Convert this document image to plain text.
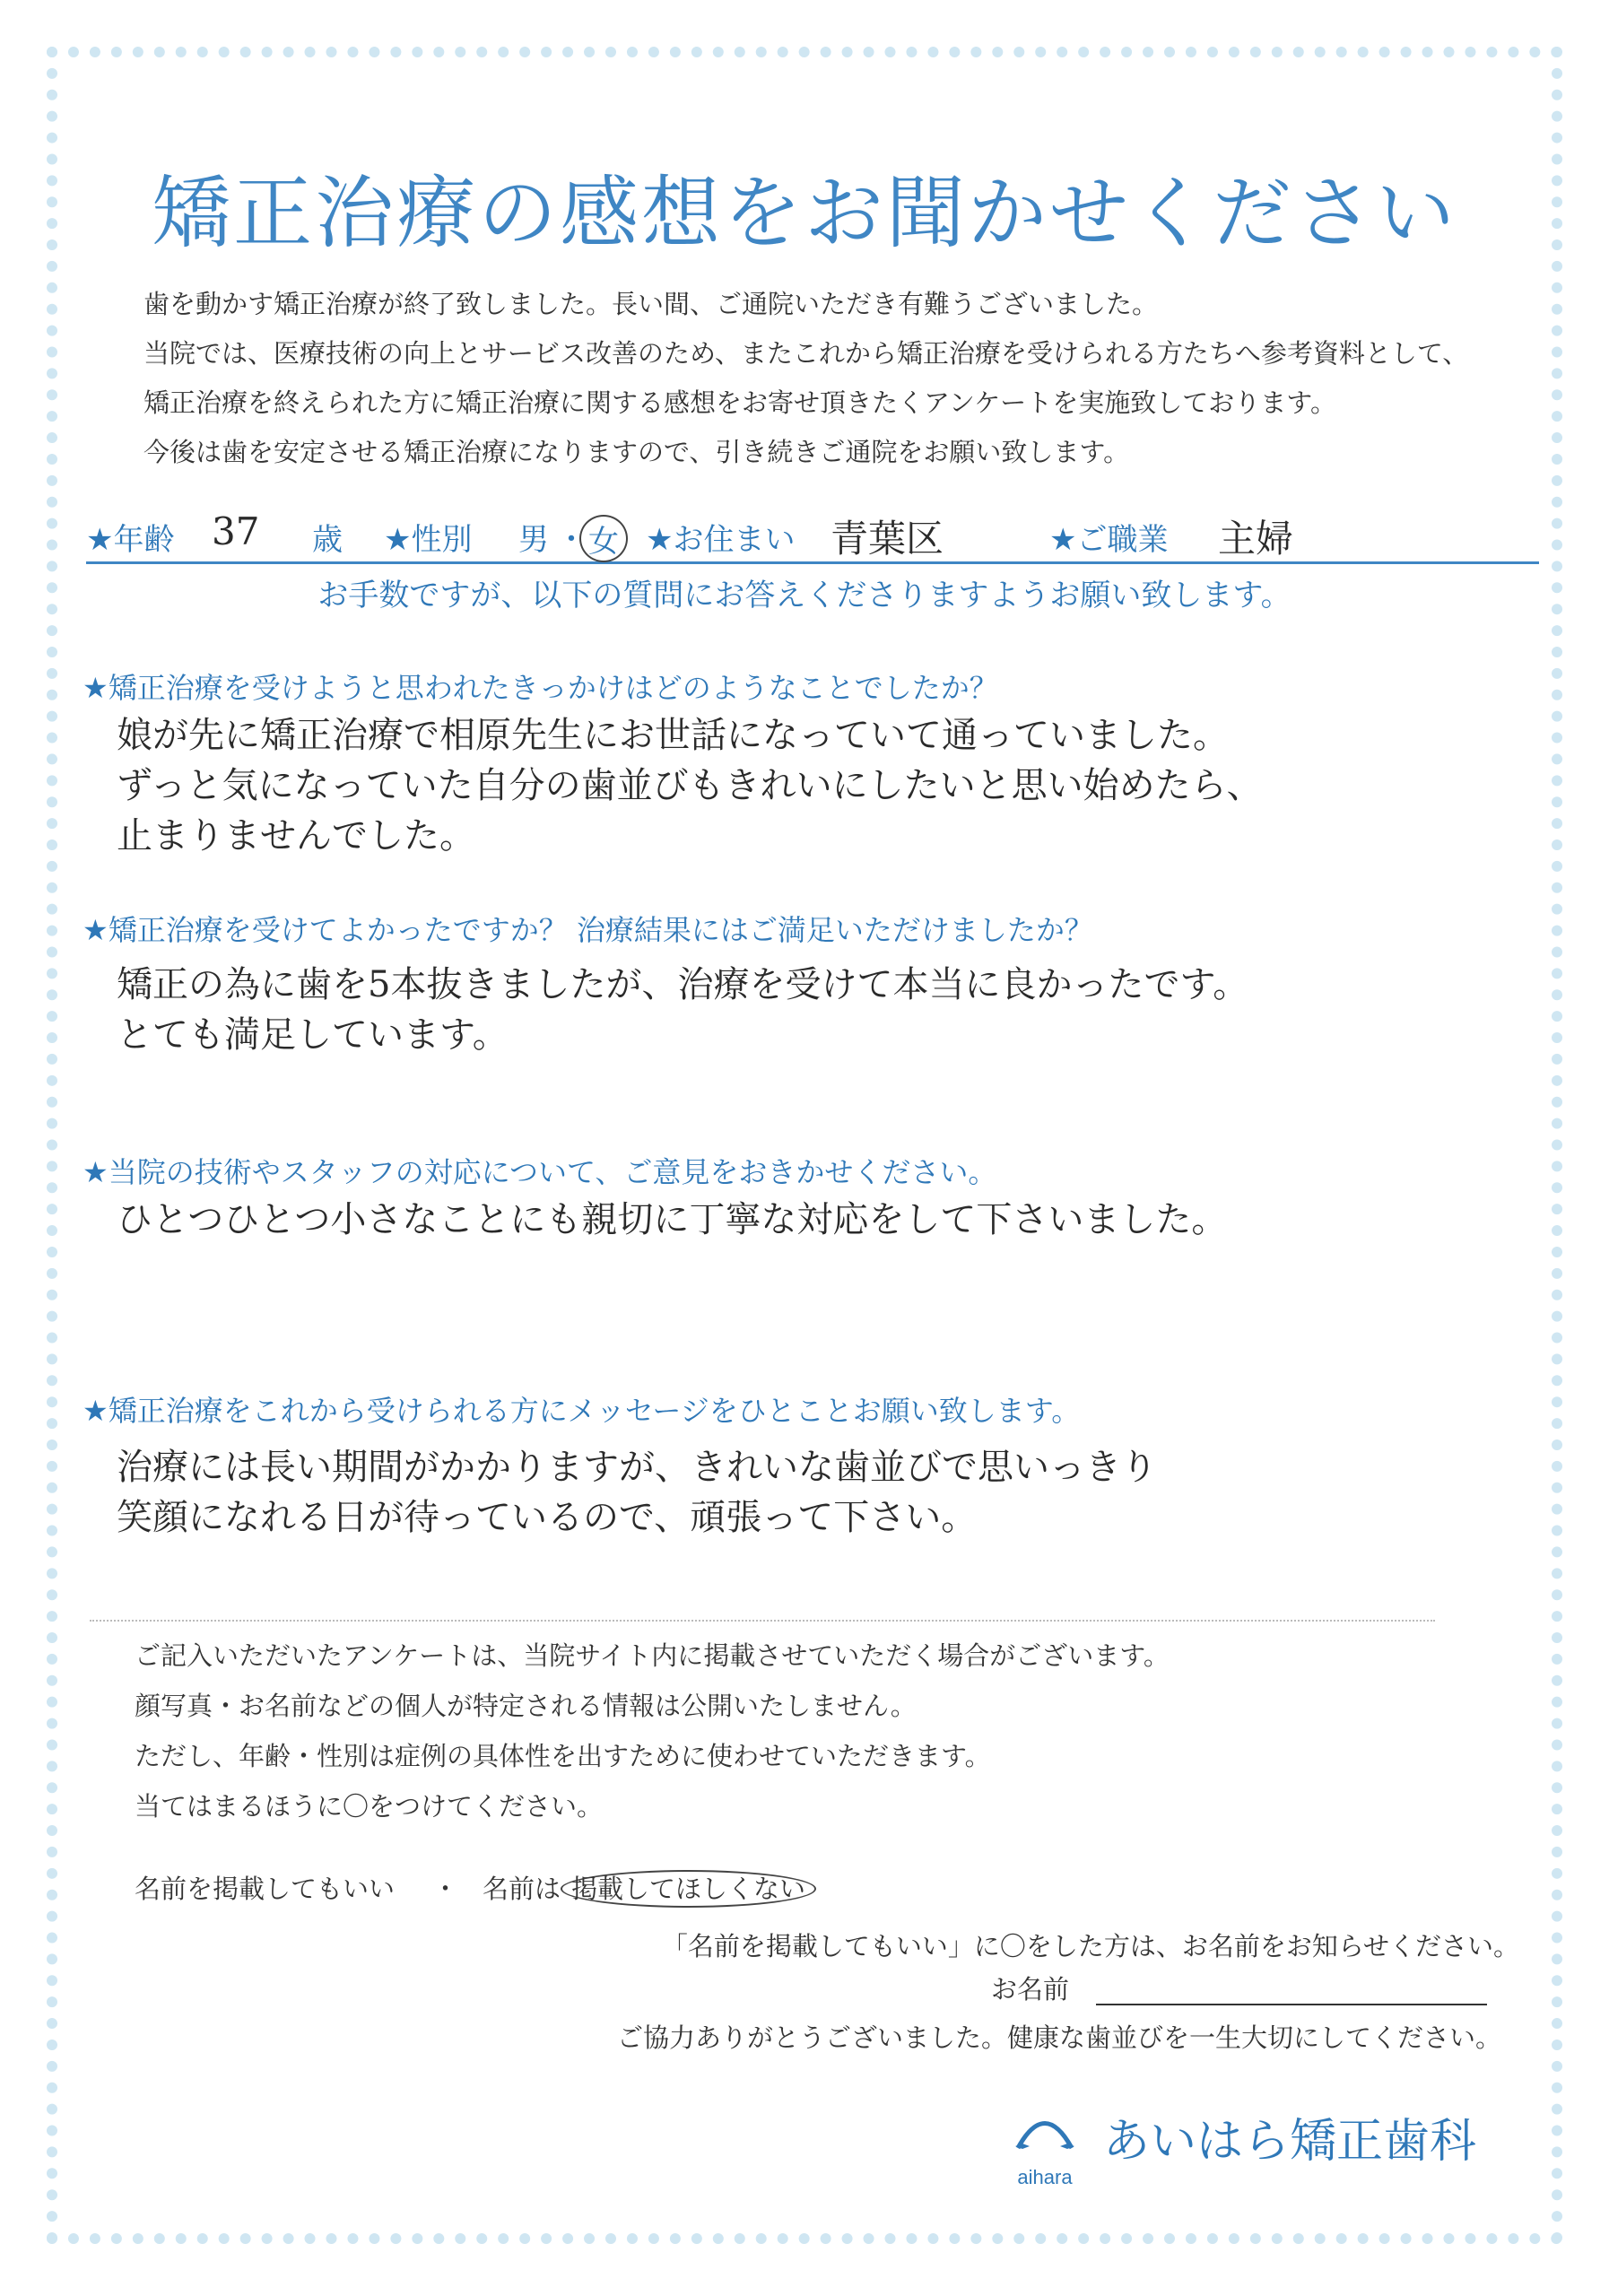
矯正治療の感想をお聞かせください
歯を動かす矯正治療が終了致しました。長い間、ご通院いただき有難うございました。
当院では、医療技術の向上とサービス改善のため、またこれから矯正治療を受けられる方たちへ参考資料として、
矯正治療を終えられた方に矯正治療に関する感想をお寄せ頂きたくアンケートを実施致しております。
今後は歯を安定させる矯正治療になりますので、引き続きご通院をお願い致します。
★年齢 37 歳 ★性別 男 ・ 女 ★お住まい 青葉区	★ご職業 主婦
お手数ですが、以下の質問にお答えくださりますようお願い致します。
★矯正治療を受けようと思われたきっかけはどのようなことでしたか？
娘が先に矯正治療で相原先生にお世話になっていて通っていました。
ずっと気になっていた自分の歯並びもきれいにしたいと思い始めたら、
止まりませんでした。
★矯正治療を受けてよかったですか？ 治療結果にはご満足いただけましたか？
矯正の為に歯を5本抜きましたが、治療を受けて本当に良かったです。
とても満足しています。
★当院の技術やスタッフの対応について、ご意見をおきかせください。
ひとつひとつ小さなことにも親切に丁寧な対応をして下さいました。
★矯正治療をこれから受けられる方にメッセージをひとことお願い致します。
治療には長い期間がかかりますが、きれいな歯並びで思いっきり
笑顔になれる日が待っているので、頑張って下さい。
ご記入いただいたアンケートは、当院サイト内に掲載させていただく場合がございます。
顔写真・お名前などの個人が特定される情報は公開いたしません。
ただし、年齢・性別は症例の具体性を出すために使わせていただきます。
当てはまるほうに〇をつけてください。
名前を掲載してもいい ・ 名前は 掲載してほしくない
「名前を掲載してもいい」に〇をした方は、お名前をお知らせください。
お名前
ご協力ありがとうございました。健康な歯並びを一生大切にしてください。
aihara
あいはら矯正歯科
